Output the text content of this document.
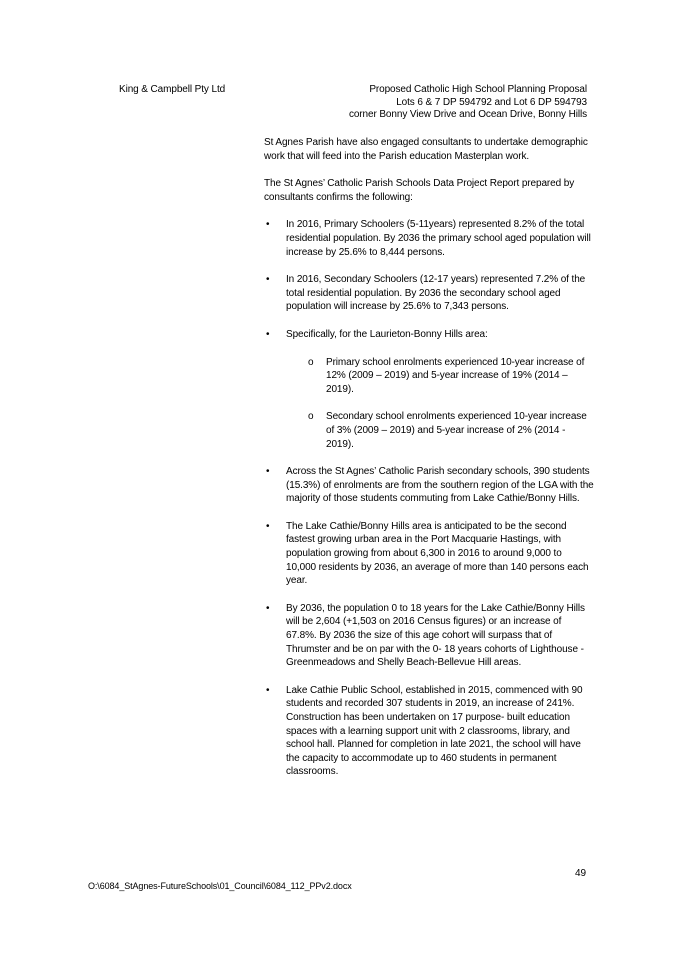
King & Campbell Pty Ltd	Proposed Catholic High School Planning Proposal
Lots 6 & 7 DP 594792 and Lot 6 DP 594793
corner Bonny View Drive and Ocean Drive, Bonny Hills

St Agnes Parish have also engaged consultants to undertake demographic work that will feed into the Parish education Masterplan work.

The St Agnes’ Catholic Parish Schools Data Project Report prepared by consultants confirms the following:

• In 2016, Primary Schoolers (5-11years) represented 8.2% of the total residential population. By 2036 the primary school aged population will increase by 25.6% to 8,444 persons.
• In 2016, Secondary Schoolers (12-17 years) represented 7.2% of the total residential population. By 2036 the secondary school aged population will increase by 25.6% to 7,343 persons.
• Specifically, for the Laurieton-Bonny Hills area:
o Primary school enrolments experienced 10-year increase of 12% (2009 – 2019) and 5-year increase of 19% (2014 – 2019).
o Secondary school enrolments experienced 10-year increase of 3% (2009 – 2019) and 5-year increase of 2% (2014 - 2019).
• Across the St Agnes’ Catholic Parish secondary schools, 390 students (15.3%) of enrolments are from the southern region of the LGA with the majority of those students commuting from Lake Cathie/Bonny Hills.
• The Lake Cathie/Bonny Hills area is anticipated to be the second fastest growing urban area in the Port Macquarie Hastings, with population growing from about 6,300 in 2016 to around 9,000 to 10,000 residents by 2036, an average of more than 140 persons each year.
• By 2036, the population 0 to 18 years for the Lake Cathie/Bonny Hills will be 2,604 (+1,503 on 2016 Census figures) or an increase of 67.8%. By 2036 the size of this age cohort will surpass that of Thrumster and be on par with the 0- 18 years cohorts of Lighthouse -Greenmeadows and Shelly Beach-Bellevue Hill areas.
• Lake Cathie Public School, established in 2015, commenced with 90 students and recorded 307 students in 2019, an increase of 241%. Construction has been undertaken on 17 purpose- built education spaces with a learning support unit with 2 classrooms, library, and school hall. Planned for completion in late 2021, the school will have the capacity to accommodate up to 460 students in permanent classrooms.
49
O:\6084_StAgnes-FutureSchools\01_Council\6084_112_PPv2.docx
